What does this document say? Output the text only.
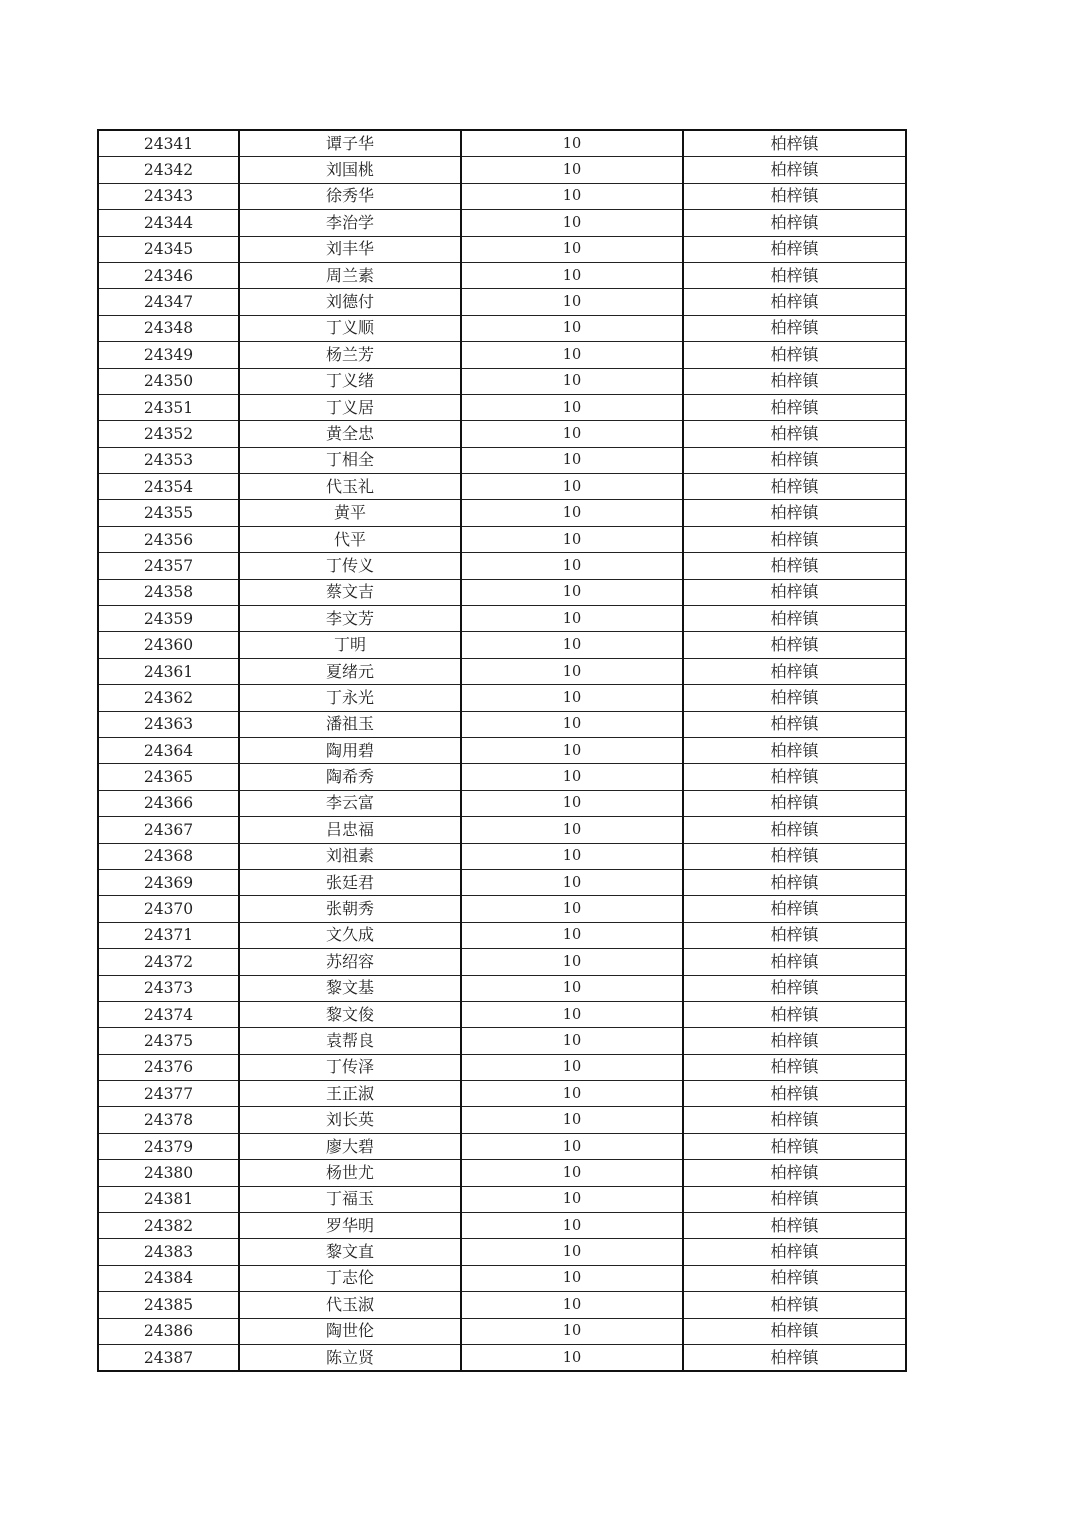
24341	谭子华	10	柏梓镇
24342	刘国桃	10	柏梓镇
24343	徐秀华	10	柏梓镇
24344	李治学	10	柏梓镇
24345	刘丰华	10	柏梓镇
24346	周兰素	10	柏梓镇
24347	刘德付	10	柏梓镇
24348	丁义顺	10	柏梓镇
24349	杨兰芳	10	柏梓镇
24350	丁义绪	10	柏梓镇
24351	丁义居	10	柏梓镇
24352	黄全忠	10	柏梓镇
24353	丁相全	10	柏梓镇
24354	代玉礼	10	柏梓镇
24355	黄平	10	柏梓镇
24356	代平	10	柏梓镇
24357	丁传义	10	柏梓镇
24358	蔡文吉	10	柏梓镇
24359	李文芳	10	柏梓镇
24360	丁明	10	柏梓镇
24361	夏绪元	10	柏梓镇
24362	丁永光	10	柏梓镇
24363	潘祖玉	10	柏梓镇
24364	陶用碧	10	柏梓镇
24365	陶希秀	10	柏梓镇
24366	李云富	10	柏梓镇
24367	吕忠福	10	柏梓镇
24368	刘祖素	10	柏梓镇
24369	张廷君	10	柏梓镇
24370	张朝秀	10	柏梓镇
24371	文久成	10	柏梓镇
24372	苏绍容	10	柏梓镇
24373	黎文基	10	柏梓镇
24374	黎文俊	10	柏梓镇
24375	袁帮良	10	柏梓镇
24376	丁传泽	10	柏梓镇
24377	王正淑	10	柏梓镇
24378	刘长英	10	柏梓镇
24379	廖大碧	10	柏梓镇
24380	杨世尤	10	柏梓镇
24381	丁福玉	10	柏梓镇
24382	罗华明	10	柏梓镇
24383	黎文直	10	柏梓镇
24384	丁志伦	10	柏梓镇
24385	代玉淑	10	柏梓镇
24386	陶世伦	10	柏梓镇
24387	陈立贤	10	柏梓镇
